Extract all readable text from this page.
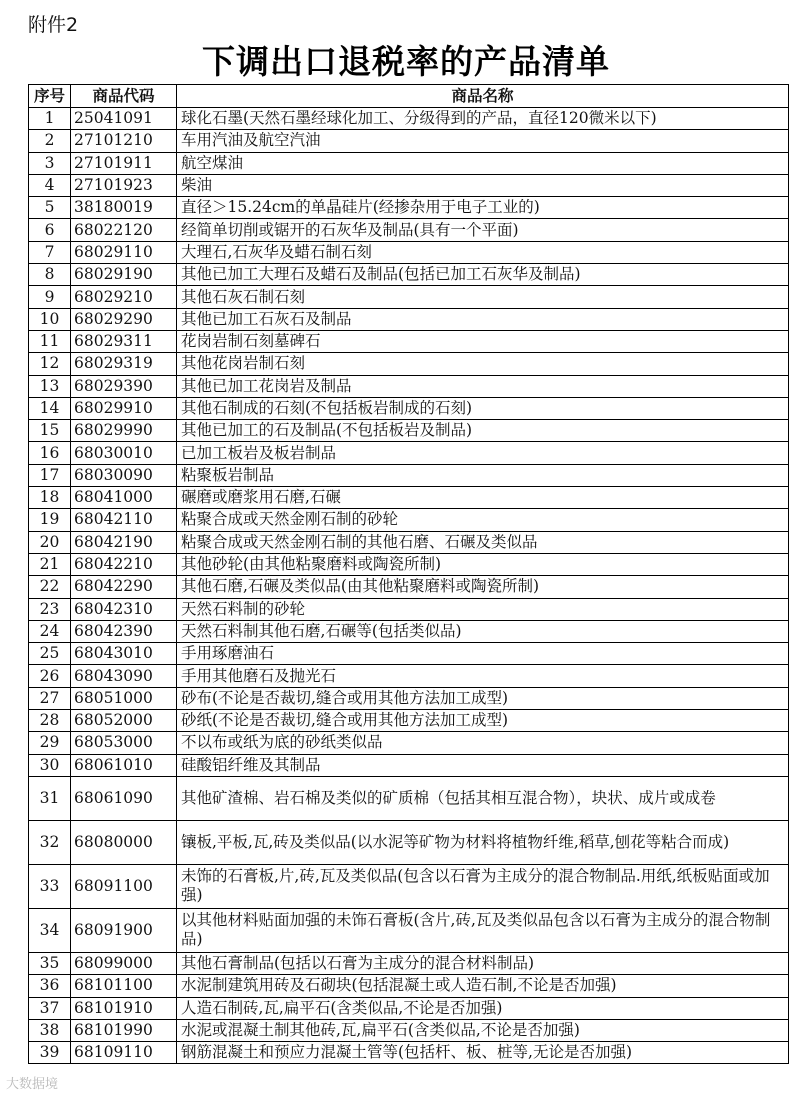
附件2
下调出口退税率的产品清单
序号	商品代码	商品名称
1	25041091	球化石墨(天然石墨经球化加工、分级得到的产品，直径120微米以下)
2	27101210	车用汽油及航空汽油
3	27101911	航空煤油
4	27101923	柴油
5	38180019	直径＞15.24cm的单晶硅片(经掺杂用于电子工业的)
6	68022120	经简单切削或锯开的石灰华及制品(具有一个平面)
7	68029110	大理石,石灰华及蜡石制石刻
8	68029190	其他已加工大理石及蜡石及制品(包括已加工石灰华及制品)
9	68029210	其他石灰石制石刻
10	68029290	其他已加工石灰石及制品
11	68029311	花岗岩制石刻墓碑石
12	68029319	其他花岗岩制石刻
13	68029390	其他已加工花岗岩及制品
14	68029910	其他石制成的石刻(不包括板岩制成的石刻)
15	68029990	其他已加工的石及制品(不包括板岩及制品)
16	68030010	已加工板岩及板岩制品
17	68030090	粘聚板岩制品
18	68041000	碾磨或磨浆用石磨,石碾
19	68042110	粘聚合成或天然金刚石制的砂轮
20	68042190	粘聚合成或天然金刚石制的其他石磨、石碾及类似品
21	68042210	其他砂轮(由其他粘聚磨料或陶瓷所制)
22	68042290	其他石磨,石碾及类似品(由其他粘聚磨料或陶瓷所制)
23	68042310	天然石料制的砂轮
24	68042390	天然石料制其他石磨,石碾等(包括类似品)
25	68043010	手用琢磨油石
26	68043090	手用其他磨石及抛光石
27	68051000	砂布(不论是否裁切,缝合或用其他方法加工成型)
28	68052000	砂纸(不论是否裁切,缝合或用其他方法加工成型)
29	68053000	不以布或纸为底的砂纸类似品
30	68061010	硅酸铝纤维及其制品
31	68061090	其他矿渣棉、岩石棉及类似的矿质棉（包括其相互混合物），块状、成片或成卷
32	68080000	镶板,平板,瓦,砖及类似品(以水泥等矿物为材料将植物纤维,稻草,刨花等粘合而成)
33	68091100	未饰的石膏板,片,砖,瓦及类似品(包含以石膏为主成分的混合物制品.用纸,纸板贴面或加强)
34	68091900	以其他材料贴面加强的未饰石膏板(含片,砖,瓦及类似品包含以石膏为主成分的混合物制品)
35	68099000	其他石膏制品(包括以石膏为主成分的混合材料制品)
36	68101100	水泥制建筑用砖及石砌块(包括混凝土或人造石制,不论是否加强)
37	68101910	人造石制砖,瓦,扁平石(含类似品,不论是否加强)
38	68101990	水泥或混凝土制其他砖,瓦,扁平石(含类似品,不论是否加强)
39	68109110	钢筋混凝土和预应力混凝土管等(包括杆、板、桩等,无论是否加强)
大数据境
